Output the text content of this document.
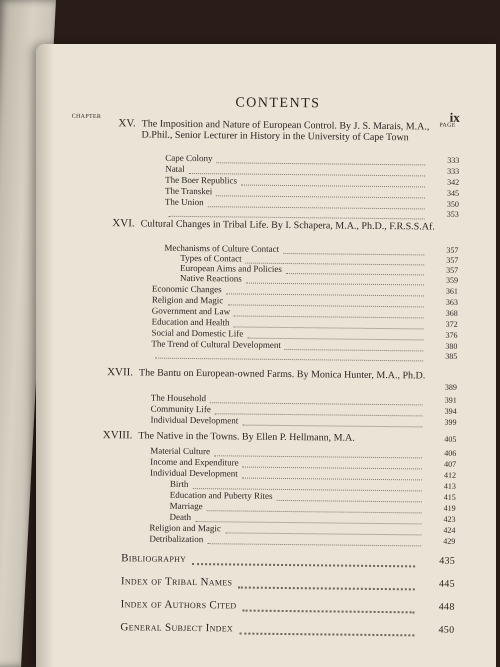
CONTENTS
ix
CHAPTER
PAGE
XV. The Imposition and Nature of European Control. By J. S. Marais, M.A., D.Phil., Senior Lecturer in History in the University of Cape Town
Cape Colony	333
Natal	333
The Boer Republics	342
The Transkei	345
The Union	350
353
XVI. Cultural Changes in Tribal Life. By I. Schapera, M.A., Ph.D., F.R.S.S.Af.
Mechanisms of Culture Contact	357
Types of Contact	357
European Aims and Policies	357
Native Reactions	359
Economic Changes	361
Religion and Magic	363
Government and Law	368
Education and Health	372
Social and Domestic Life	376
The Trend of Cultural Development	380
385
XVII. The Bantu on European-owned Farms. By Monica Hunter, M.A., Ph.D.
389
The Household	391
Community Life	394
Individual Development	399
XVIII. The Native in the Towns. By Ellen P. Hellmann, M.A.	405
Material Culture	406
Income and Expenditure	407
Individual Development	412
Birth	413
Education and Puberty Rites	415
Marriage	419
Death	423
Religion and Magic	424
Detribalization	429
Bibliography	435
Index of Tribal Names	445
Index of Authors Cited	448
General Subject Index	450
